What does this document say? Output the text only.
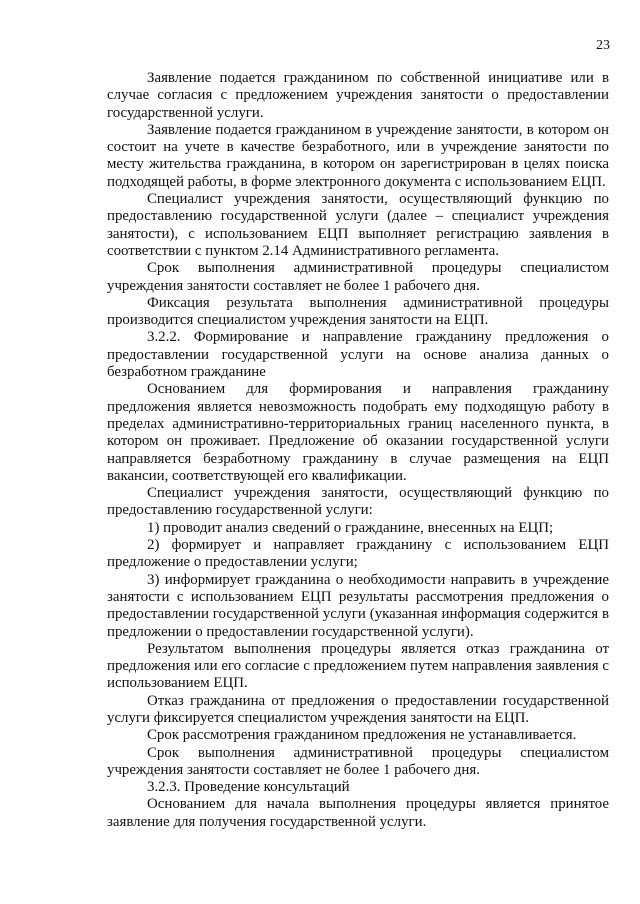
23

Заявление подается гражданином по собственной инициативе или в случае согласия с предложением учреждения занятости о предоставлении государственной услуги.

Заявление подается гражданином в учреждение занятости, в котором он состоит на учете в качестве безработного, или в учреждение занятости по месту жительства гражданина, в котором он зарегистрирован в целях поиска подходящей работы, в форме электронного документа с использованием ЕЦП.

Специалист учреждения занятости, осуществляющий функцию по предоставлению государственной услуги (далее – специалист учреждения занятости), с использованием ЕЦП выполняет регистрацию заявления в соответствии с пунктом 2.14 Административного регламента.

Срок выполнения административной процедуры специалистом учреждения занятости составляет не более 1 рабочего дня.

Фиксация результата выполнения административной процедуры производится специалистом учреждения занятости на ЕЦП.

3.2.2. Формирование и направление гражданину предложения о предоставлении государственной услуги на основе анализа данных о безработном гражданине

Основанием для формирования и направления гражданину предложения является невозможность подобрать ему подходящую работу в пределах административно-территориальных границ населенного пункта, в котором он проживает. Предложение об оказании государственной услуги направляется безработному гражданину в случае размещения на ЕЦП вакансии, соответствующей его квалификации.

Специалист учреждения занятости, осуществляющий функцию по предоставлению государственной услуги:

1) проводит анализ сведений о гражданине, внесенных на ЕЦП;

2) формирует и направляет гражданину с использованием ЕЦП предложение о предоставлении услуги;

3) информирует гражданина о необходимости направить в учреждение занятости с использованием ЕЦП результаты рассмотрения предложения о предоставлении государственной услуги (указанная информация содержится в предложении о предоставлении государственной услуги).

Результатом выполнения процедуры является отказ гражданина от предложения или его согласие с предложением путем направления заявления с использованием ЕЦП.

Отказ гражданина от предложения о предоставлении государственной услуги фиксируется специалистом учреждения занятости на ЕЦП.

Срок рассмотрения гражданином предложения не устанавливается.

Срок выполнения административной процедуры специалистом учреждения занятости составляет не более 1 рабочего дня.

3.2.3. Проведение консультаций

Основанием для начала выполнения процедуры является принятое заявление для получения государственной услуги.
